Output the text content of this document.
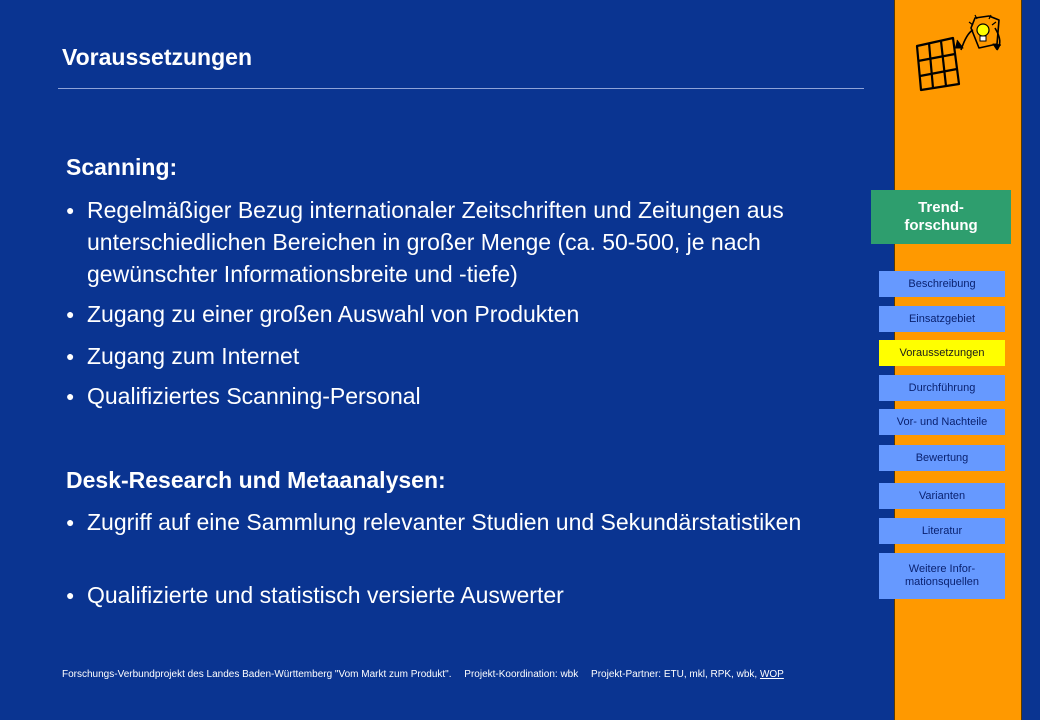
Voraussetzungen
Scanning:
● Regelmäßiger Bezug internationaler Zeitschriften und Zeitungen aus unterschiedlichen Bereichen in großer Menge (ca. 50-500, je nach gewünschter Informationsbreite und -tiefe)
● Zugang zu einer großen Auswahl von Produkten
● Zugang zum Internet
● Qualifiziertes Scanning-Personal
Desk-Research und Metaanalysen:
● Zugriff auf eine Sammlung relevanter Studien und Sekundärstatistiken
● Qualifizierte und statistisch versierte Auswerter
Forschungs-Verbundprojekt des Landes Baden-Württemberg "Vom Markt zum Produkt". Projekt-Koordination: wbk Projekt-Partner: ETU, mkl, RPK, wbk, WOP
Trend-forschung
Beschreibung
Einsatzgebiet
Voraussetzungen
Durchführung
Vor- und Nachteile
Bewertung
Varianten
Literatur
Weitere Infor-mationsquellen
